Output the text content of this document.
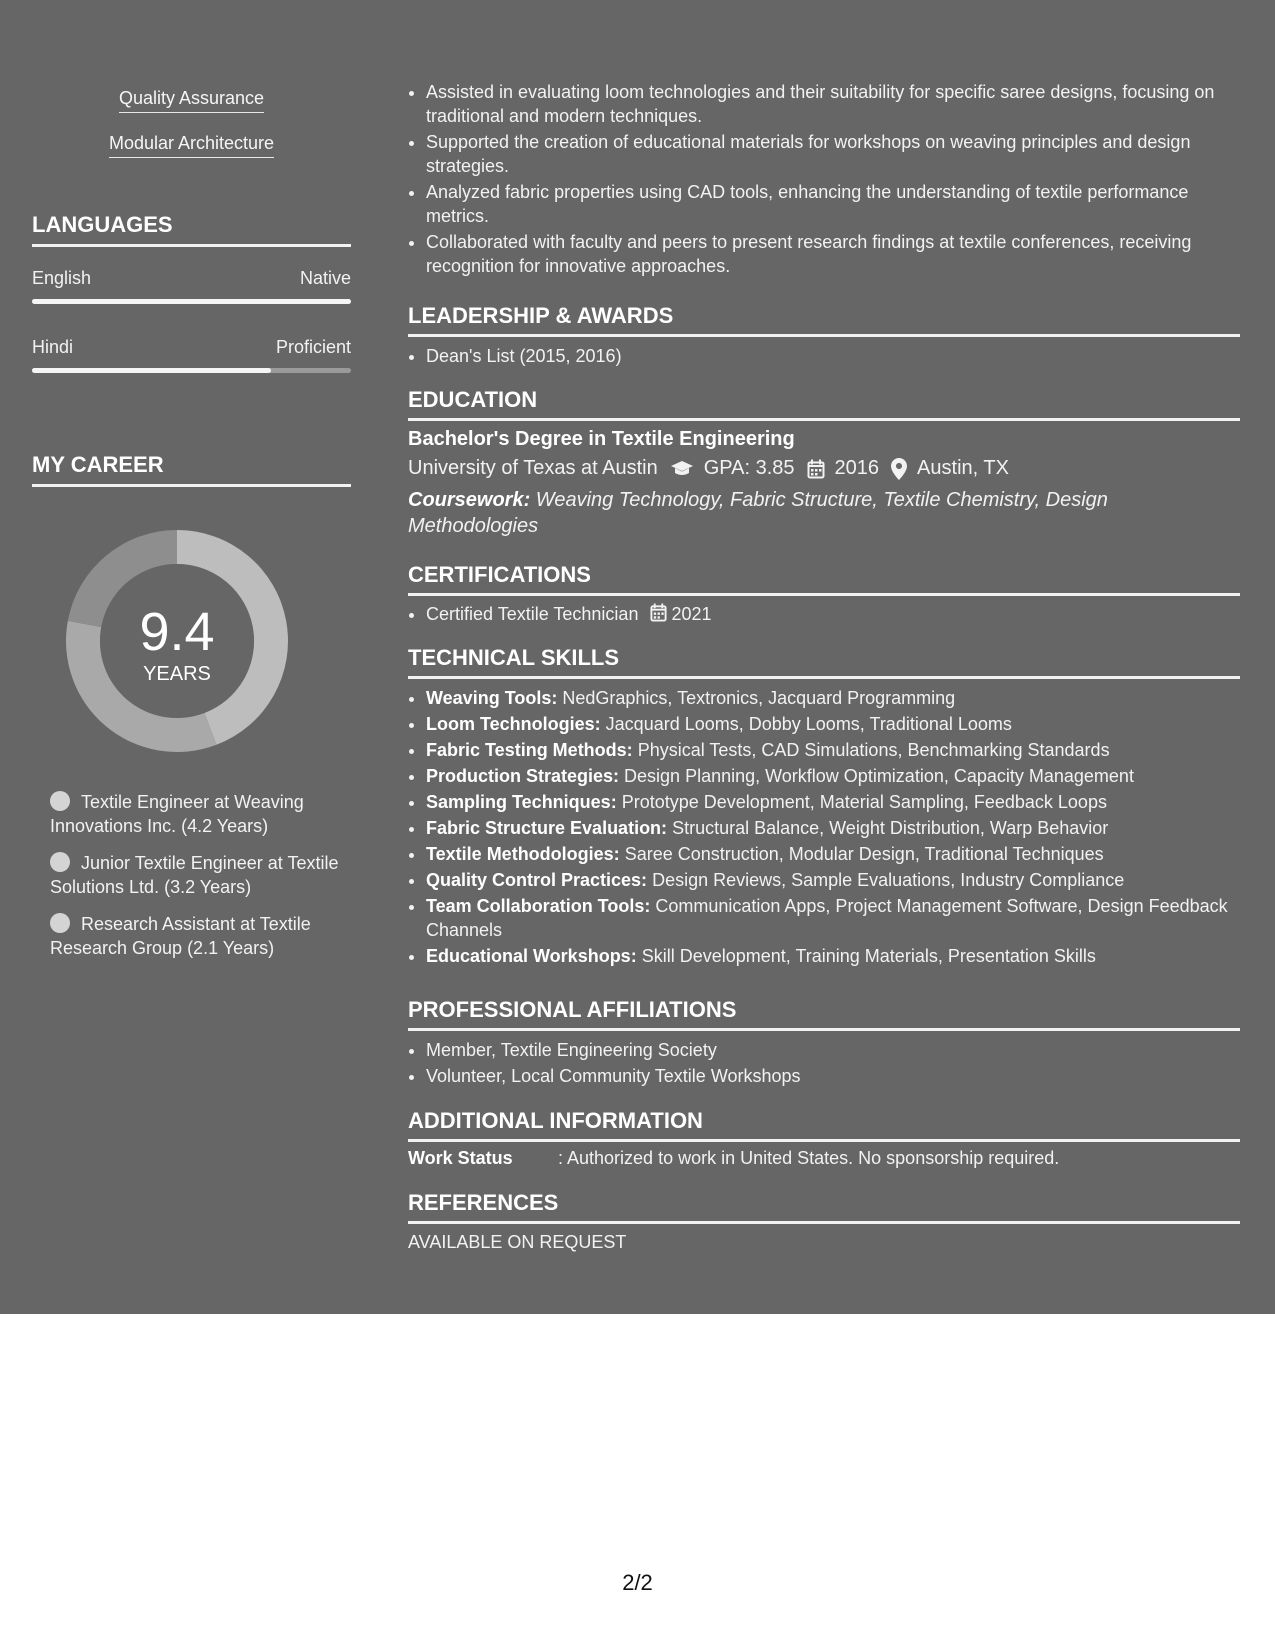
Quality Assurance
Modular Architecture
LANGUAGES
English	Native
Hindi	Proficient
MY CAREER
9.4
YEARS
Textile Engineer at Weaving Innovations Inc. (4.2 Years)
Junior Textile Engineer at Textile Solutions Ltd. (3.2 Years)
Research Assistant at Textile Research Group (2.1 Years)
• Assisted in evaluating loom technologies and their suitability for specific saree designs, focusing on traditional and modern techniques.
• Supported the creation of educational materials for workshops on weaving principles and design strategies.
• Analyzed fabric properties using CAD tools, enhancing the understanding of textile performance metrics.
• Collaborated with faculty and peers to present research findings at textile conferences, receiving recognition for innovative approaches.
LEADERSHIP & AWARDS
• Dean's List (2015, 2016)
EDUCATION
Bachelor's Degree in Textile Engineering
University of Texas at Austin GPA: 3.85 2016 Austin, TX
Coursework: Weaving Technology, Fabric Structure, Textile Chemistry, Design Methodologies
CERTIFICATIONS
• Certified Textile Technician 2021
TECHNICAL SKILLS
• Weaving Tools: NedGraphics, Textronics, Jacquard Programming
• Loom Technologies: Jacquard Looms, Dobby Looms, Traditional Looms
• Fabric Testing Methods: Physical Tests, CAD Simulations, Benchmarking Standards
• Production Strategies: Design Planning, Workflow Optimization, Capacity Management
• Sampling Techniques: Prototype Development, Material Sampling, Feedback Loops
• Fabric Structure Evaluation: Structural Balance, Weight Distribution, Warp Behavior
• Textile Methodologies: Saree Construction, Modular Design, Traditional Techniques
• Quality Control Practices: Design Reviews, Sample Evaluations, Industry Compliance
• Team Collaboration Tools: Communication Apps, Project Management Software, Design Feedback Channels
• Educational Workshops: Skill Development, Training Materials, Presentation Skills
PROFESSIONAL AFFILIATIONS
• Member, Textile Engineering Society
• Volunteer, Local Community Textile Workshops
ADDITIONAL INFORMATION
Work Status	: Authorized to work in United States. No sponsorship required.
REFERENCES
AVAILABLE ON REQUEST
2/2
